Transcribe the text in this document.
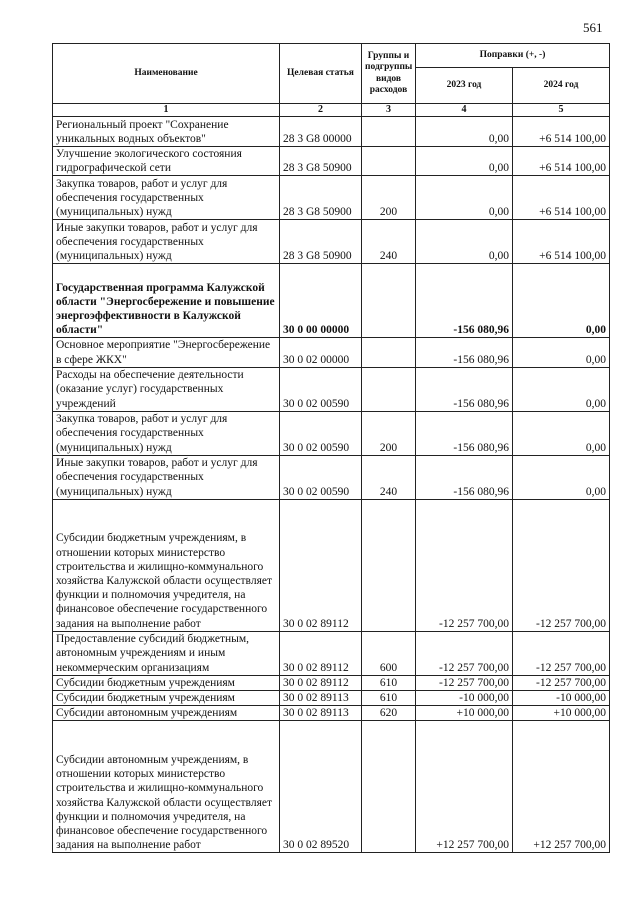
561
Наименование	Целевая статья	Группы и подгруппы видов расходов	Поправки (+, -)	
			2023 год	2024 год
1	2	3	4	5
Региональный проект "Сохранение уникальных водных объектов"	28 3 G8 00000		0,00	+6 514 100,00
Улучшение экологического состояния гидрографической сети	28 3 G8 50900		0,00	+6 514 100,00
Закупка товаров, работ и услуг для обеспечения государственных (муниципальных) нужд	28 3 G8 50900	200	0,00	+6 514 100,00
Иные закупки товаров, работ и услуг для обеспечения государственных (муниципальных) нужд	28 3 G8 50900	240	0,00	+6 514 100,00
Государственная программа Калужской области "Энергосбережение и повышение энергоэффективности в Калужской области"	30 0 00 00000		-156 080,96	0,00
Основное мероприятие "Энергосбережение в сфере ЖКХ"	30 0 02 00000		-156 080,96	0,00
Расходы на обеспечение деятельности (оказание услуг) государственных учреждений	30 0 02 00590		-156 080,96	0,00
Закупка товаров, работ и услуг для обеспечения государственных (муниципальных) нужд	30 0 02 00590	200	-156 080,96	0,00
Иные закупки товаров, работ и услуг для обеспечения государственных (муниципальных) нужд	30 0 02 00590	240	-156 080,96	0,00
Субсидии бюджетным учреждениям, в отношении которых министерство строительства и жилищно-коммунального хозяйства Калужской области осуществляет функции и полномочия учредителя, на финансовое обеспечение государственного задания на выполнение работ	30 0 02 89112		-12 257 700,00	-12 257 700,00
Предоставление субсидий бюджетным, автономным учреждениям и иным некоммерческим организациям	30 0 02 89112	600	-12 257 700,00	-12 257 700,00
Субсидии бюджетным учреждениям	30 0 02 89112	610	-12 257 700,00	-12 257 700,00
Субсидии бюджетным учреждениям	30 0 02 89113	610	-10 000,00	-10 000,00
Субсидии автономным учреждениям	30 0 02 89113	620	+10 000,00	+10 000,00
Субсидии автономным учреждениям, в отношении которых министерство строительства и жилищно-коммунального хозяйства Калужской области осуществляет функции и полномочия учредителя, на финансовое обеспечение государственного задания на выполнение работ	30 0 02 89520		+12 257 700,00	+12 257 700,00
